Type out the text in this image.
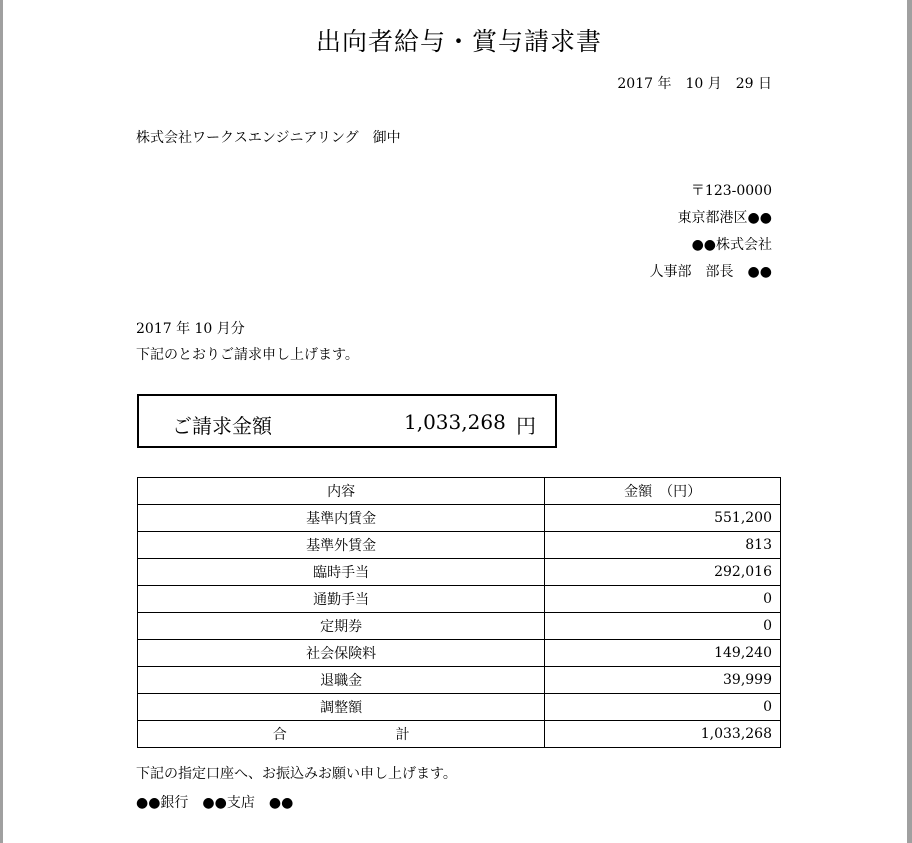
出向者給与・賞与請求書
2017 年　10 月　29 日
株式会社ワークスエンジニアリング　御中
〒123-0000
東京都港区●●
●●株式会社
人事部　部長　●●
2017 年 10 月分
下記のとおりご請求申し上げます。
ご請求金額	1,033,268 円
内容	金額　（円）
基準内賃金	551,200
基準外賃金	813
臨時手当	292,016
通勤手当	0
定期券	0
社会保険料	149,240
退職金	39,999
調整額	0
合 計	1,033,268
下記の指定口座へ、お振込みお願い申し上げます。
●●銀行　●●支店　●●
